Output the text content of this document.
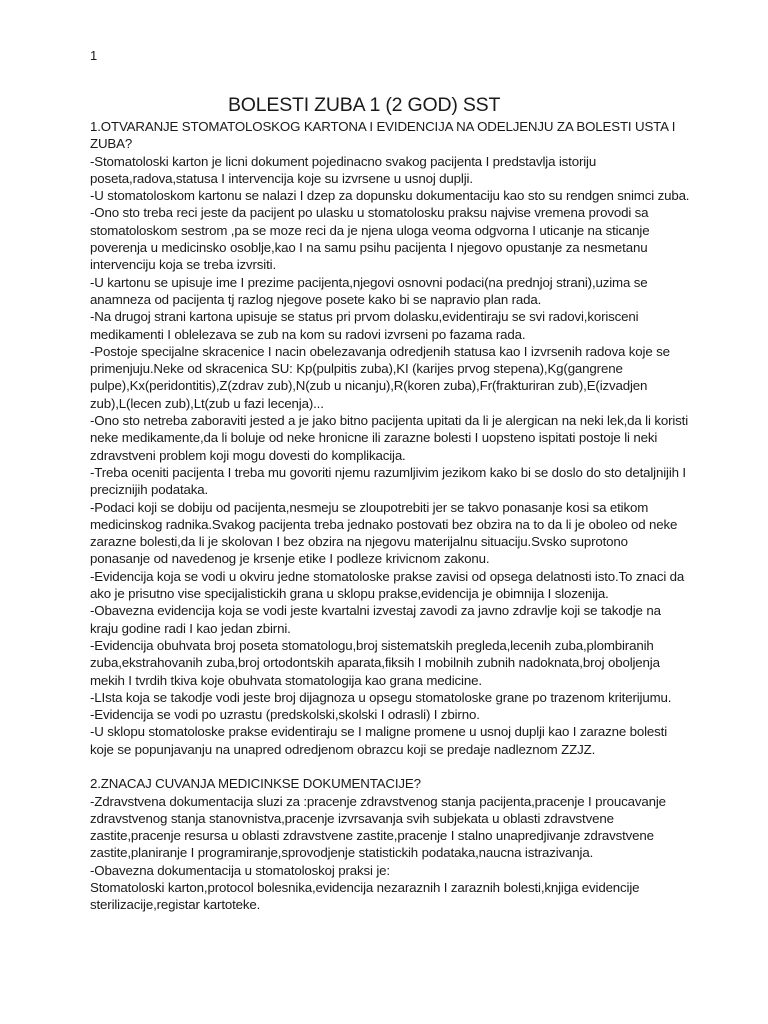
1
BOLESTI ZUBA 1 (2 GOD) SST

1.OTVARANJE STOMATOLOSKOG KARTONA I EVIDENCIJA NA ODELJENJU ZA BOLESTI USTA I ZUBA?

-Stomatoloski karton je licni dokument pojedinacno svakog pacijenta I predstavlja istoriju poseta,radova,statusa I intervencija koje su izvrsene u usnoj duplji.

-U stomatoloskom kartonu se nalazi I dzep za dopunsku dokumentaciju kao sto su rendgen snimci zuba.

-Ono sto treba reci jeste da pacijent po ulasku u stomatolosku praksu najvise vremena provodi sa stomatoloskom sestrom ,pa se moze reci da je njena uloga veoma odgvorna I uticanje na sticanje poverenja u medicinsko osoblje,kao I na samu psihu pacijenta I njegovo opustanje za nesmetanu intervenciju koja se treba izvrsiti.

-U kartonu se upisuje ime I prezime pacijenta,njegovi osnovni podaci(na prednjoj strani),uzima se anamneza od pacijenta tj razlog njegove posete kako bi se napravio plan rada.

-Na drugoj strani kartona upisuje se status pri prvom dolasku,evidentiraju se svi radovi,korisceni medikamenti I oblelezava se zub na kom su radovi izvrseni po fazama rada.

-Postoje specijalne skracenice I nacin obelezavanja odredjenih statusa kao I izvrsenih radova koje se primenjuju.Neke od skracenica SU: Kp(pulpitis zuba),KI (karijes prvog stepena),Kg(gangrene pulpe),Kx(peridontitis),Z(zdrav zub),N(zub u nicanju),R(koren zuba),Fr(frakturiran zub),E(izvadjen zub),L(lecen zub),Lt(zub u fazi lecenja)...

-Ono sto netreba zaboraviti jested a je jako bitno pacijenta upitati da li je alergican na neki lek,da li koristi neke medikamente,da li boluje od neke hronicne ili zarazne bolesti I uopsteno ispitati postoje li neki zdravstveni problem koji mogu dovesti do komplikacija.

-Treba oceniti pacijenta I treba mu govoriti njemu razumljivim jezikom kako bi se doslo do sto detaljnijih I preciznijih podataka.

-Podaci koji se dobiju od pacijenta,nesmeju se zloupotrebiti jer se takvo ponasanje kosi sa etikom medicinskog radnika.Svakog pacijenta treba jednako postovati bez obzira na to da li je oboleo od neke zarazne bolesti,da li je skolovan I bez obzira na njegovu materijalnu situaciju.Svsko suprotono ponasanje od navedenog je krsenje etike I podleze krivicnom zakonu.

-Evidencija koja se vodi u okviru jedne stomatoloske prakse zavisi od opsega delatnosti isto.To znaci da ako je prisutno vise specijalistickih grana u sklopu prakse,evidencija je obimnija I slozenija.

-Obavezna evidencija koja se vodi jeste kvartalni izvestaj zavodi za javno zdravlje koji se takodje na kraju godine radi I kao jedan zbirni.

-Evidencija obuhvata broj poseta stomatologu,broj sistematskih pregleda,lecenih zuba,plombiranih zuba,ekstrahovanih zuba,broj ortodontskih aparata,fiksih I mobilnih zubnih nadoknata,broj oboljenja mekih I tvrdih tkiva koje obuhvata stomatologija kao grana medicine.

-LIsta koja se takodje vodi jeste broj dijagnoza u opsegu stomatoloske grane po trazenom kriterijumu.

-Evidencija se vodi po uzrastu (predskolski,skolski I odrasli) I zbirno.

-U sklopu stomatoloske prakse evidentiraju se I maligne promene u usnoj duplji kao I zarazne bolesti koje se popunjavanju na unapred odredjenom obrazcu koji se predaje nadleznom ZZJZ.

2.ZNACAJ CUVANJA MEDICINKSE DOKUMENTACIJE?

-Zdravstvena dokumentacija sluzi za :pracenje zdravstvenog stanja pacijenta,pracenje I proucavanje zdravstvenog stanja stanovnistva,pracenje izvrsavanja svih subjekata u oblasti zdravstvene zastite,pracenje resursa u oblasti zdravstvene zastite,pracenje I stalno unapredjivanje zdravstvene zastite,planiranje I programiranje,sprovodjenje statistickih podataka,naucna istrazivanja.

-Obavezna dokumentacija u stomatoloskoj praksi je:

Stomatoloski karton,protocol bolesnika,evidencija nezaraznih I zaraznih bolesti,knjiga evidencije sterilizacije,registar kartoteke.
